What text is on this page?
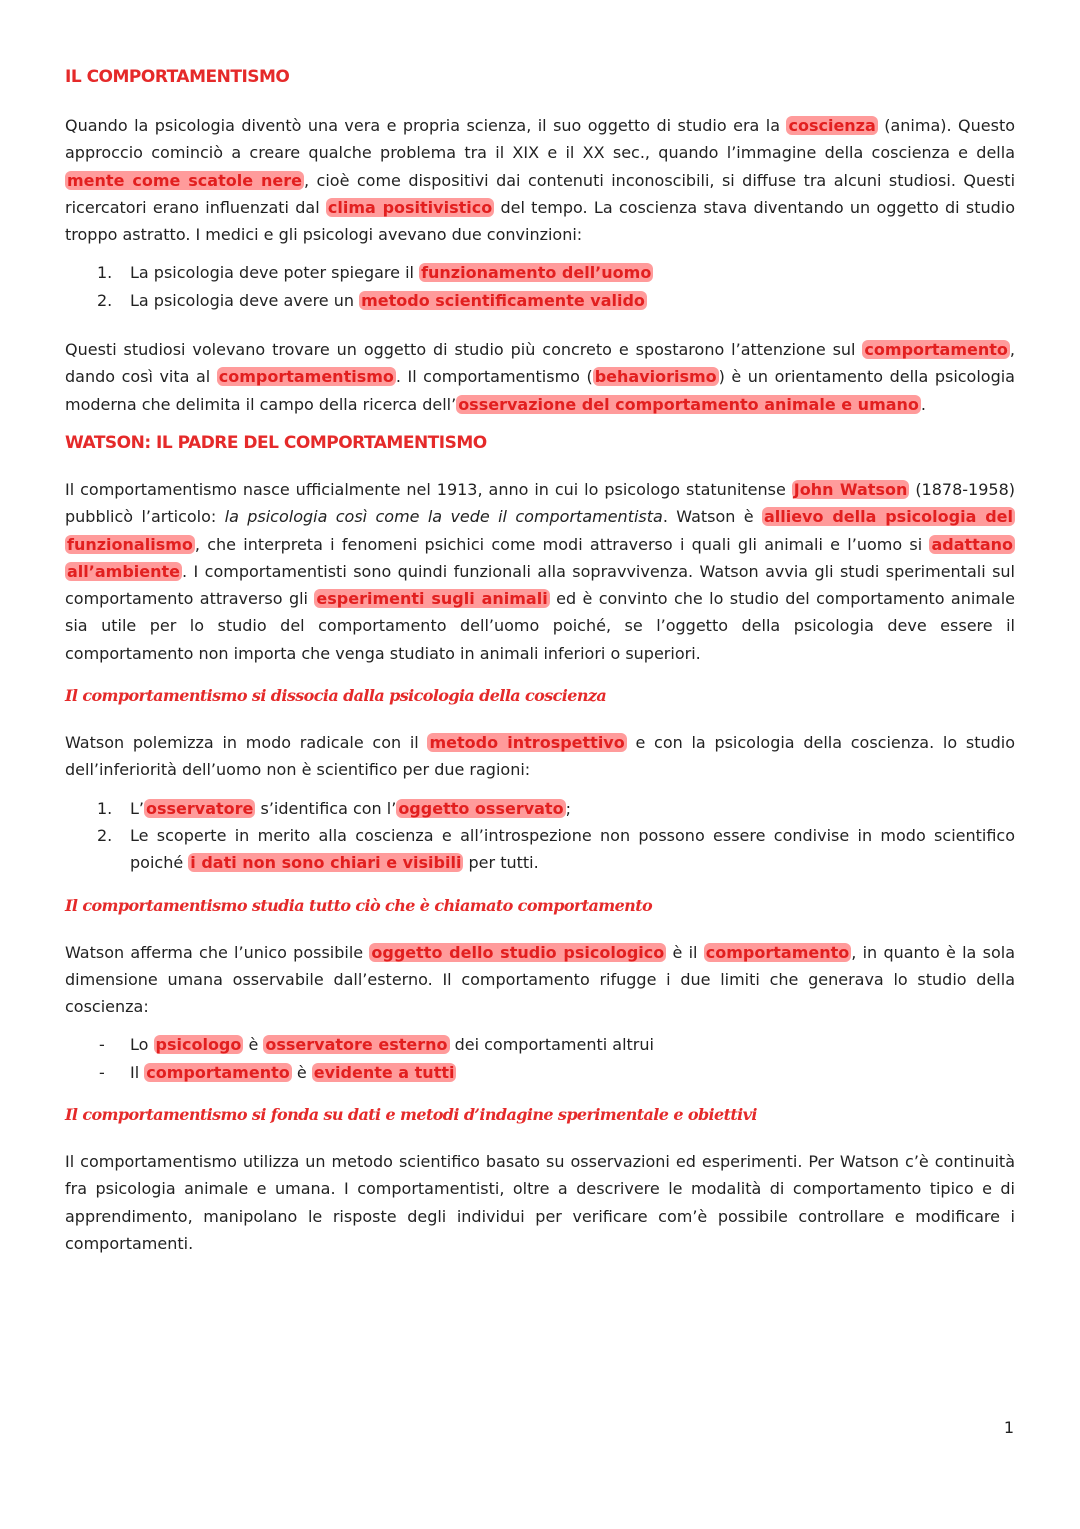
IL COMPORTAMENTISMO

Quando la psicologia diventò una vera e propria scienza, il suo oggetto di studio era la coscienza (anima). Questo approccio cominciò a creare qualche problema tra il XIX e il XX sec., quando l’immagine della coscienza e della mente come scatole nere , cioè come dispositivi dai contenuti inconoscibili, si diffuse tra alcuni studiosi. Questi ricercatori erano influenzati dal clima positivistico del tempo. La coscienza stava diventando un oggetto di studio troppo astratto. I medici e gli psicologi avevano due convinzioni:

1. La psicologia deve poter spiegare il funzionamento dell’uomo
2. La psicologia deve avere un metodo scientificamente valido

Questi studiosi volevano trovare un oggetto di studio più concreto e spostarono l’attenzione sul comportamento , dando così vita al comportamentismo . Il comportamentismo ( behaviorismo ) è un orientamento della psicologia moderna che delimita il campo della ricerca dell’ osservazione del comportamento animale e umano .

WATSON: IL PADRE DEL COMPORTAMENTISMO

Il comportamentismo nasce ufficialmente nel 1913, anno in cui lo psicologo statunitense John Watson (1878-1958) pubblicò l’articolo: la psicologia così come la vede il comportamentista. Watson è allievo della psicologia del funzionalismo , che interpreta i fenomeni psichici come modi attraverso i quali gli animali e l’uomo si adattano all’ambiente . I comportamentisti sono quindi funzionali alla sopravvivenza. Watson avvia gli studi sperimentali sul comportamento attraverso gli esperimenti sugli animali ed è convinto che lo studio del comportamento animale sia utile per lo studio del comportamento dell’uomo poiché, se l’oggetto della psicologia deve essere il comportamento non importa che venga studiato in animali inferiori o superiori.

Il comportamentismo si dissocia dalla psicologia della coscienza

Watson polemizza in modo radicale con il metodo introspettivo e con la psicologia della coscienza. lo studio dell’inferiorità dell’uomo non è scientifico per due ragioni:

1. L’ osservatore s’identifica con l’ oggetto osservato ;
2. Le scoperte in merito alla coscienza e all’introspezione non possono essere condivise in modo scientifico poiché i dati non sono chiari e visibili per tutti.
Il comportamentismo studia tutto ciò che è chiamato comportamento

Watson afferma che l’unico possibile oggetto dello studio psicologico è il comportamento , in quanto è la sola dimensione umana osservabile dall’esterno. Il comportamento rifugge i due limiti che generava lo studio della coscienza:

- Lo psicologo è osservatore esterno dei comportamenti altrui
- Il comportamento è evidente a tutti
Il comportamentismo si fonda su dati e metodi d’indagine sperimentale e obiettivi

Il comportamentismo utilizza un metodo scientifico basato su osservazioni ed esperimenti. Per Watson c’è continuità fra psicologia animale e umana. I comportamentisti, oltre a descrivere le modalità di comportamento tipico e di apprendimento, manipolano le risposte degli individui per verificare com’è possibile controllare e modificare i comportamenti.

1
